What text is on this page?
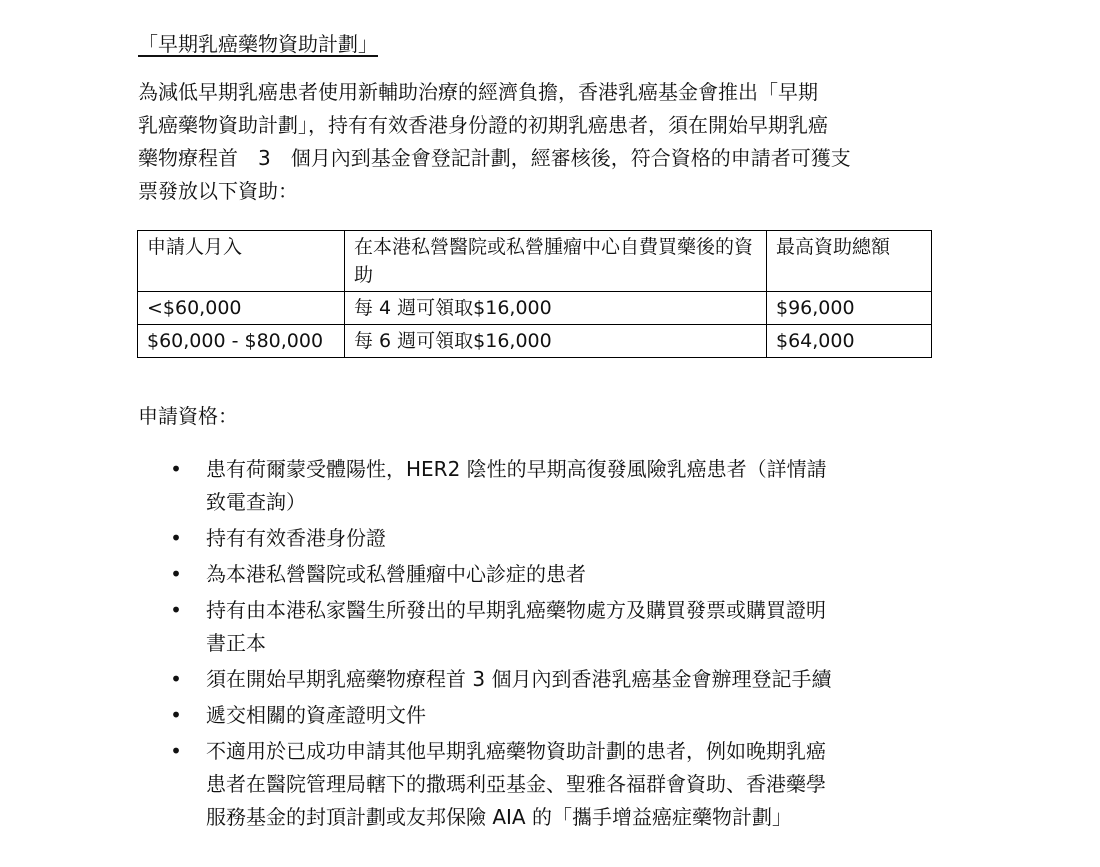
「早期乳癌藥物資助計劃」
為減低早期乳癌患者使用新輔助治療的經濟負擔，香港乳癌基金會推出「早期
乳癌藥物資助計劃」，持有有效香港身份證的初期乳癌患者，須在開始早期乳癌
藥物療程首　3　個月內到基金會登記計劃，經審核後，符合資格的申請者可獲支
票發放以下資助：
申請人月入	在本港私營醫院或私營腫瘤中心自費買藥後的資助	最高資助總額
<$60,000	每 4 週可領取$16,000	$96,000
$60,000 - $80,000	每 6 週可領取$16,000	$64,000
申請資格：
• 患有荷爾蒙受體陽性，HER2 陰性的早期高復發風險乳癌患者（詳情請
致電查詢）
• 持有有效香港身份證
• 為本港私營醫院或私營腫瘤中心診症的患者
• 持有由本港私家醫生所發出的早期乳癌藥物處方及購買發票或購買證明
書正本
• 須在開始早期乳癌藥物療程首 3 個月內到香港乳癌基金會辦理登記手續
• 遞交相關的資產證明文件
• 不適用於已成功申請其他早期乳癌藥物資助計劃的患者，例如晚期乳癌
患者在醫院管理局轄下的撒瑪利亞基金、聖雅各福群會資助、香港藥學
服務基金的封頂計劃或友邦保險 AIA 的「攜手增益癌症藥物計劃」
